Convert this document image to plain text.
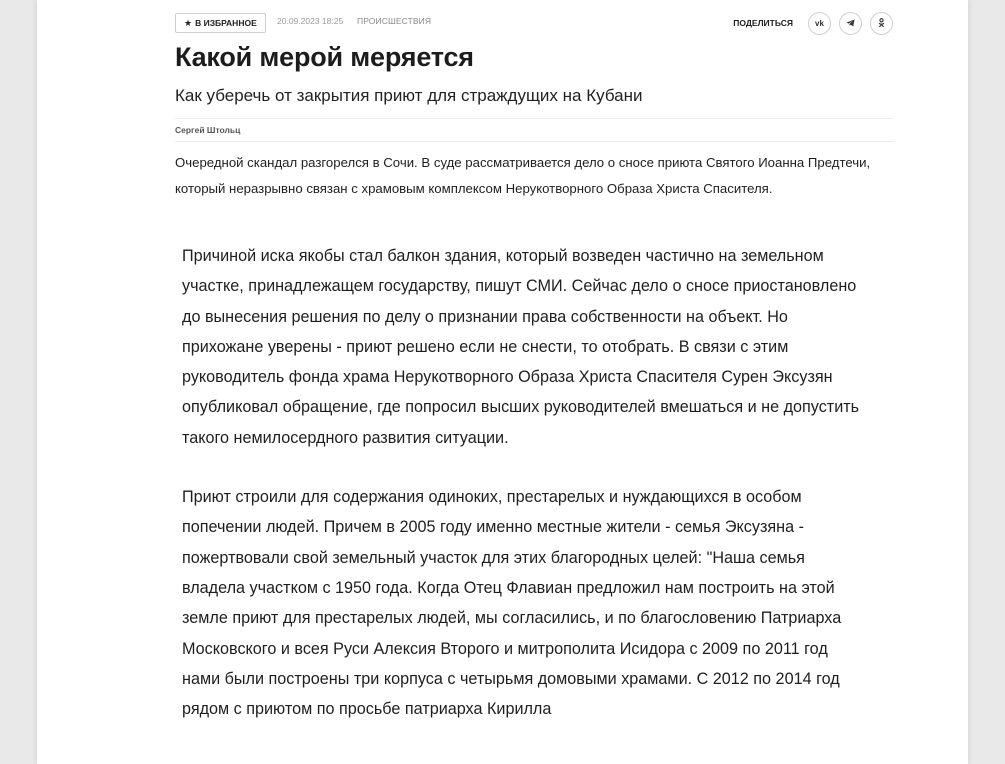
★ В ИЗБРАННОЕ	20.09.2023 18:25 ПРОИСШЕСТВИЯ	ПОДЕЛИТЬСЯ	vk
Какой мерой меряется
Как уберечь от закрытия приют для страждущих на Кубани
Сергей Штольц
Очередной скандал разгорелся в Сочи. В суде рассматривается дело о сносе приюта Святого Иоанна Предтечи, который неразрывно связан с храмовым комплексом Нерукотворного Образа Христа Спасителя.

Причиной иска якобы стал балкон здания, который возведен частично на земельном участке, принадлежащем государству, пишут СМИ. Сейчас дело о сносе приостановлено до вынесения решения по делу о признании права собственности на объект. Но прихожане уверены - приют решено если не снести, то отобрать. В связи с этим руководитель фонда храма Нерукотворного Образа Христа Спасителя Сурен Эксузян опубликовал обращение, где попросил высших руководителей вмешаться и не допустить такого немилосердного развития ситуации.

Приют строили для содержания одиноких, престарелых и нуждающихся в особом попечении людей. Причем в 2005 году именно местные жители - семья Эксузяна - пожертвовали свой земельный участок для этих благородных целей: "Наша семья владела участком с 1950 года. Когда Отец Флавиан предложил нам построить на этой земле приют для престарелых людей, мы согласились, и по благословению Патриарха Московского и всея Руси Алексия Второго и митрополита Исидора с 2009 по 2011 год нами были построены три корпуса с четырьмя домовыми храмами. С 2012 по 2014 год рядом с приютом по просьбе патриарха Кирилла
